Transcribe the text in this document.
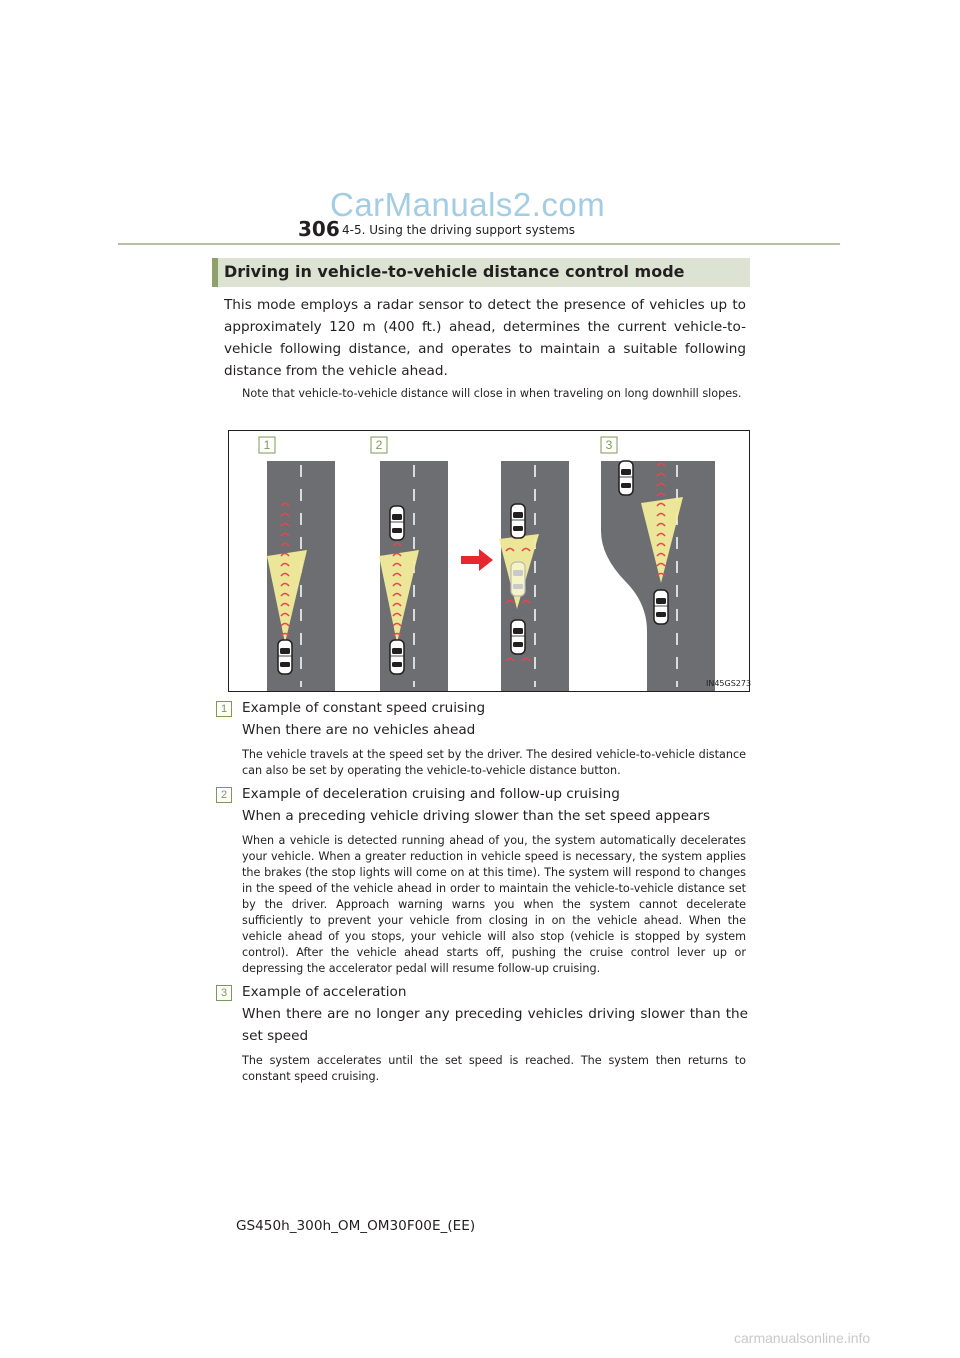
CarManuals2.com
306 4-5. Using the driving support systems
Driving in vehicle-to-vehicle distance control mode
This mode employs a radar sensor to detect the presence of vehicles up to approximately 120 m (400 ft.) ahead, determines the current vehicle-to-vehicle following distance, and operates to maintain a suitable following distance from the vehicle ahead.
Note that vehicle-to-vehicle distance will close in when traveling on long downhill slopes.
1	2	3
IN45GS273
1	Example of constant speed cruising
When there are no vehicles ahead
The vehicle travels at the speed set by the driver. The desired vehicle-to-vehicle distance can also be set by operating the vehicle-to-vehicle distance button.
2	Example of deceleration cruising and follow-up cruising
When a preceding vehicle driving slower than the set speed appears
When a vehicle is detected running ahead of you, the system automatically decelerates your vehicle. When a greater reduction in vehicle speed is necessary, the system applies the brakes (the stop lights will come on at this time). The system will respond to changes in the speed of the vehicle ahead in order to maintain the vehicle-to-vehicle distance set by the driver. Approach warning warns you when the system cannot decelerate sufficiently to prevent your vehicle from closing in on the vehicle ahead. When the vehicle ahead of you stops, your vehicle will also stop (vehicle is stopped by system control). After the vehicle ahead starts off, pushing the cruise control lever up or depressing the accelerator pedal will resume follow-up cruising.
3	Example of acceleration
When there are no longer any preceding vehicles driving slower than the set speed
The system accelerates until the set speed is reached. The system then returns to constant speed cruising.
GS450h_300h_OM_OM30F00E_(EE)
carmanualsonline.info
